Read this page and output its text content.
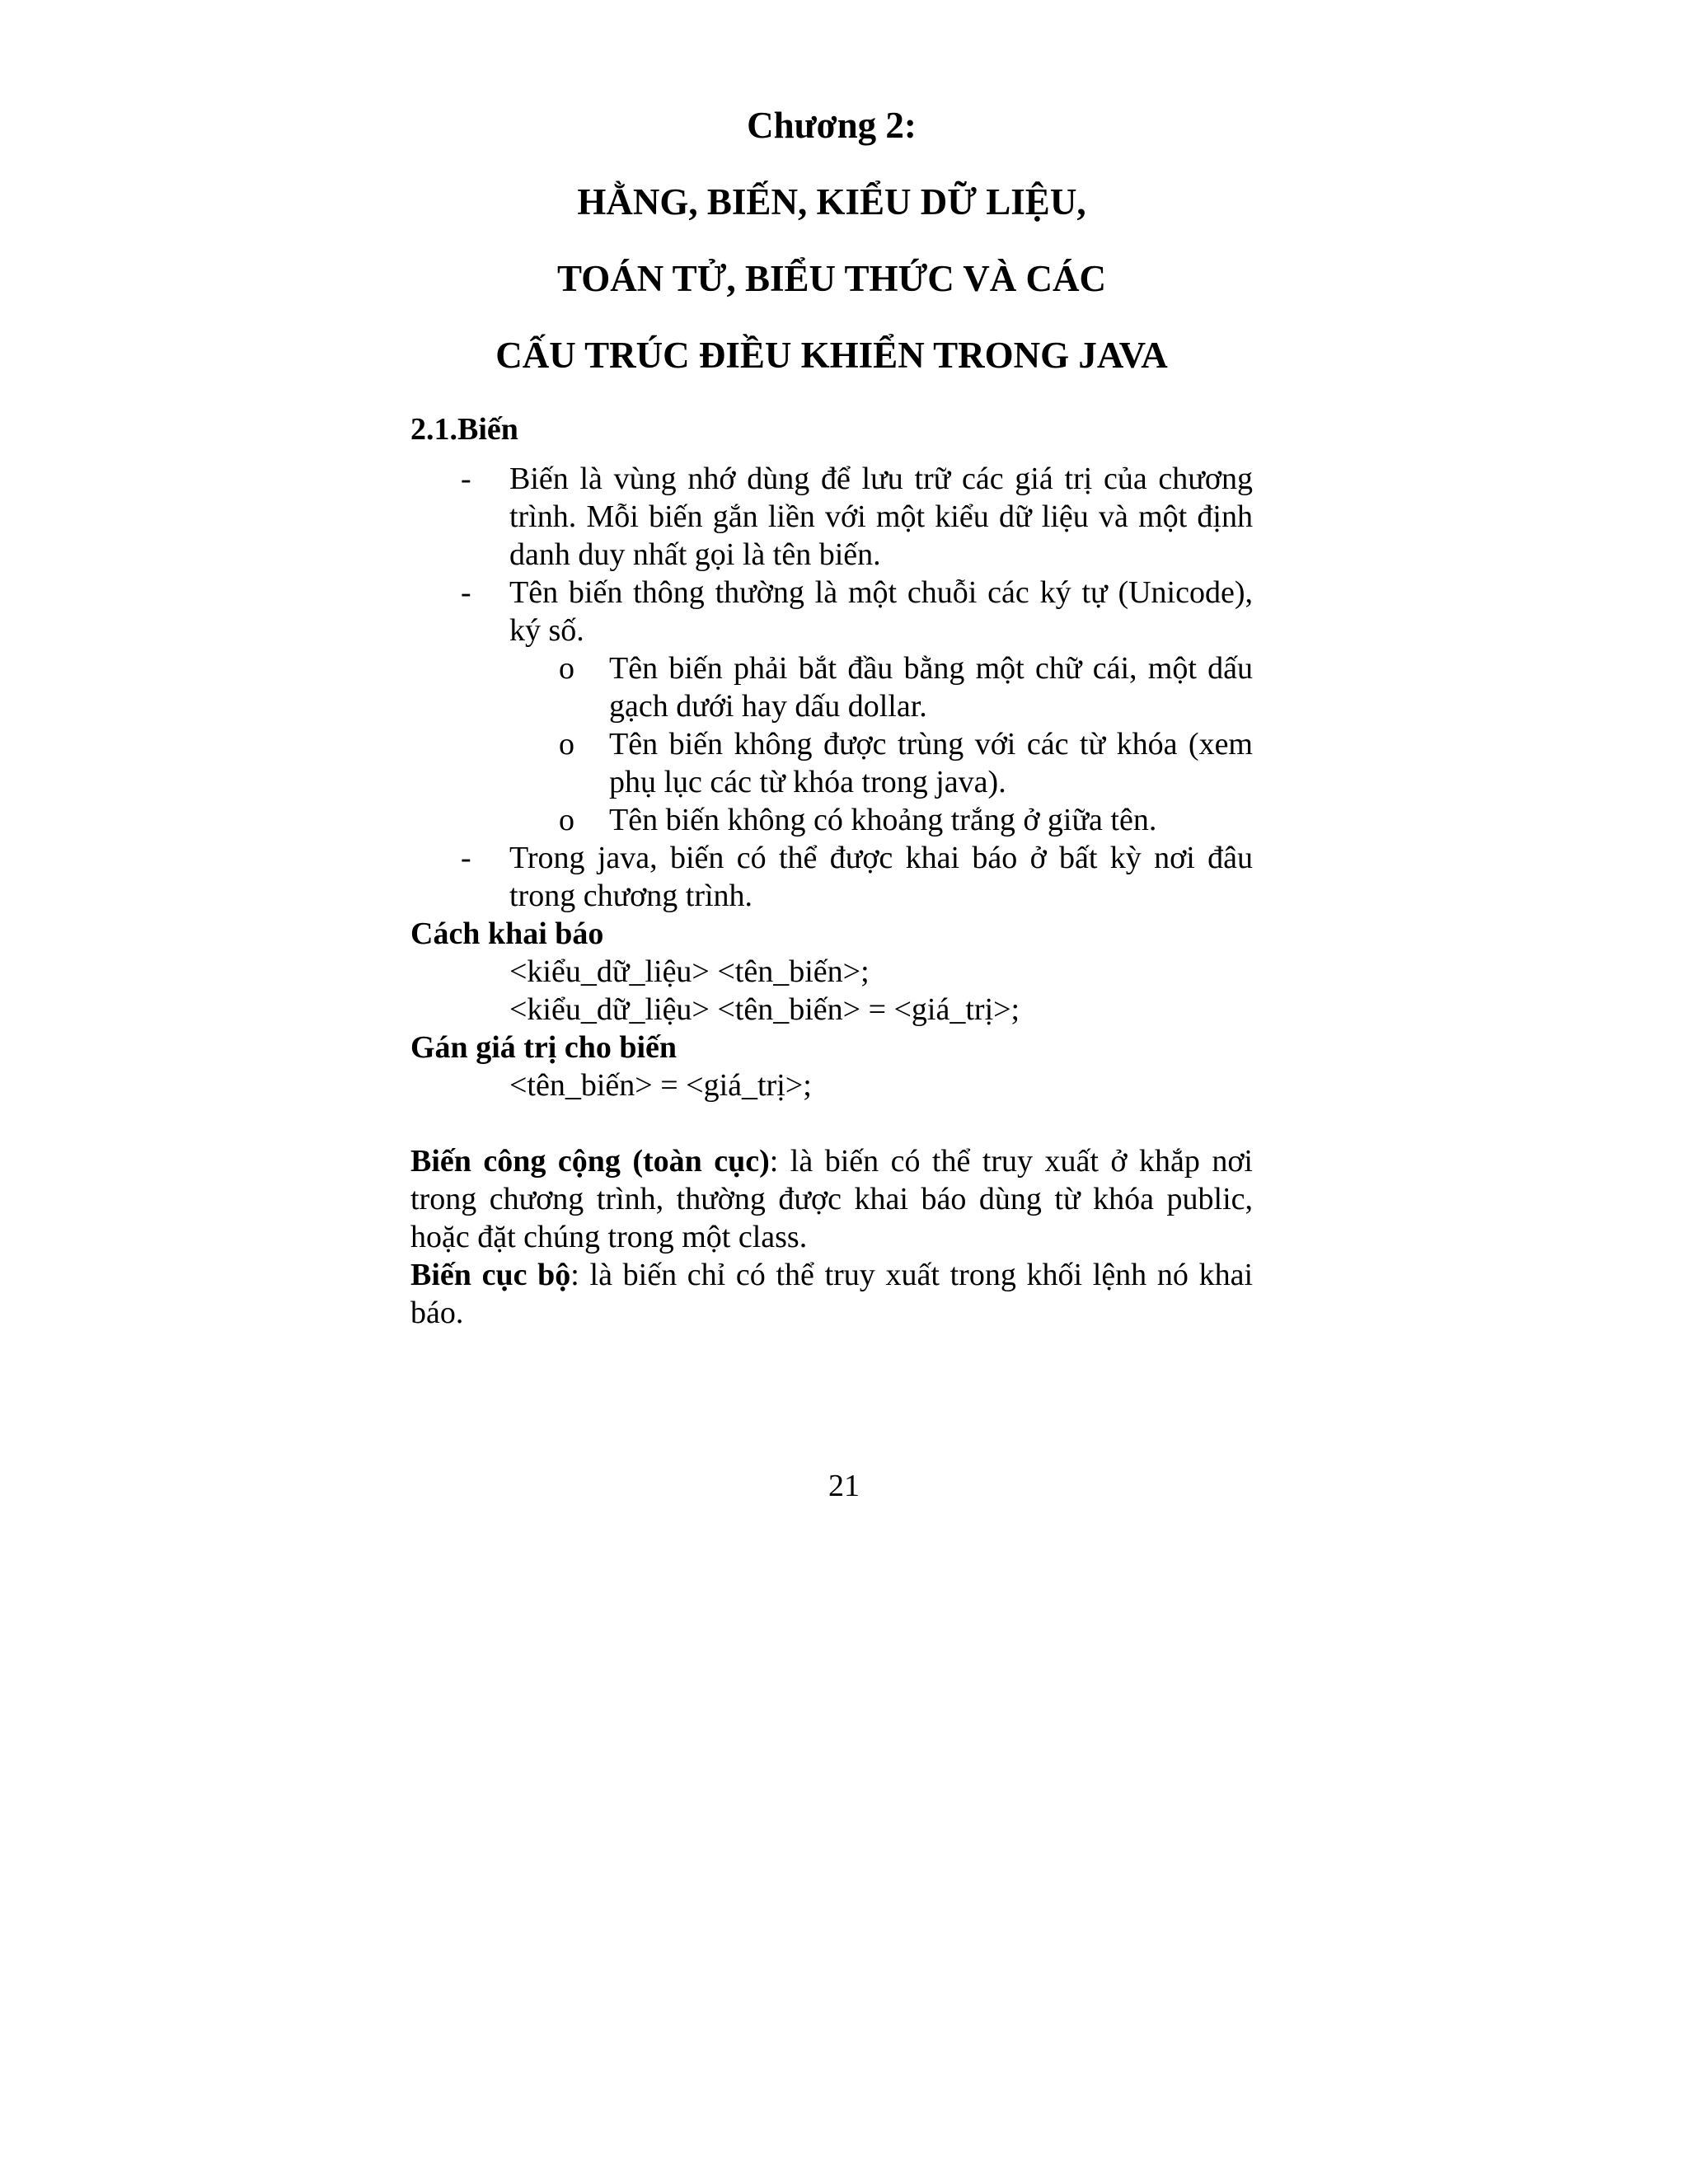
Chương 2:
HẰNG, BIẾN, KIỂU DỮ LIỆU,
TOÁN TỬ, BIỂU THỨC VÀ CÁC
CẤU TRÚC ĐIỀU KHIỂN TRONG JAVA
2.1.Biến
-	Biến là vùng nhớ dùng để lưu trữ các giá trị của chương trình. Mỗi biến gắn liền với một kiểu dữ liệu và một định danh duy nhất gọi là tên biến.
-	Tên biến thông thường là một chuỗi các ký tự (Unicode), ký số.
o	Tên biến phải bắt đầu bằng một chữ cái, một dấu gạch dưới hay dấu dollar.
o	Tên biến không được trùng với các từ khóa (xem phụ lục các từ khóa trong java).
o	Tên biến không có khoảng trắng ở giữa tên.
-	Trong java, biến có thể được khai báo ở bất kỳ nơi đâu trong chương trình.
Cách khai báo
<kiểu_dữ_liệu> <tên_biến>;
<kiểu_dữ_liệu> <tên_biến> = <giá_trị>;
Gán giá trị cho biến
<tên_biến> = <giá_trị>;
Biến công cộng (toàn cục): là biến có thể truy xuất ở khắp nơi trong chương trình, thường được khai báo dùng từ khóa public, hoặc đặt chúng trong một class.
Biến cục bộ: là biến chỉ có thể truy xuất trong khối lệnh nó khai báo.
21
